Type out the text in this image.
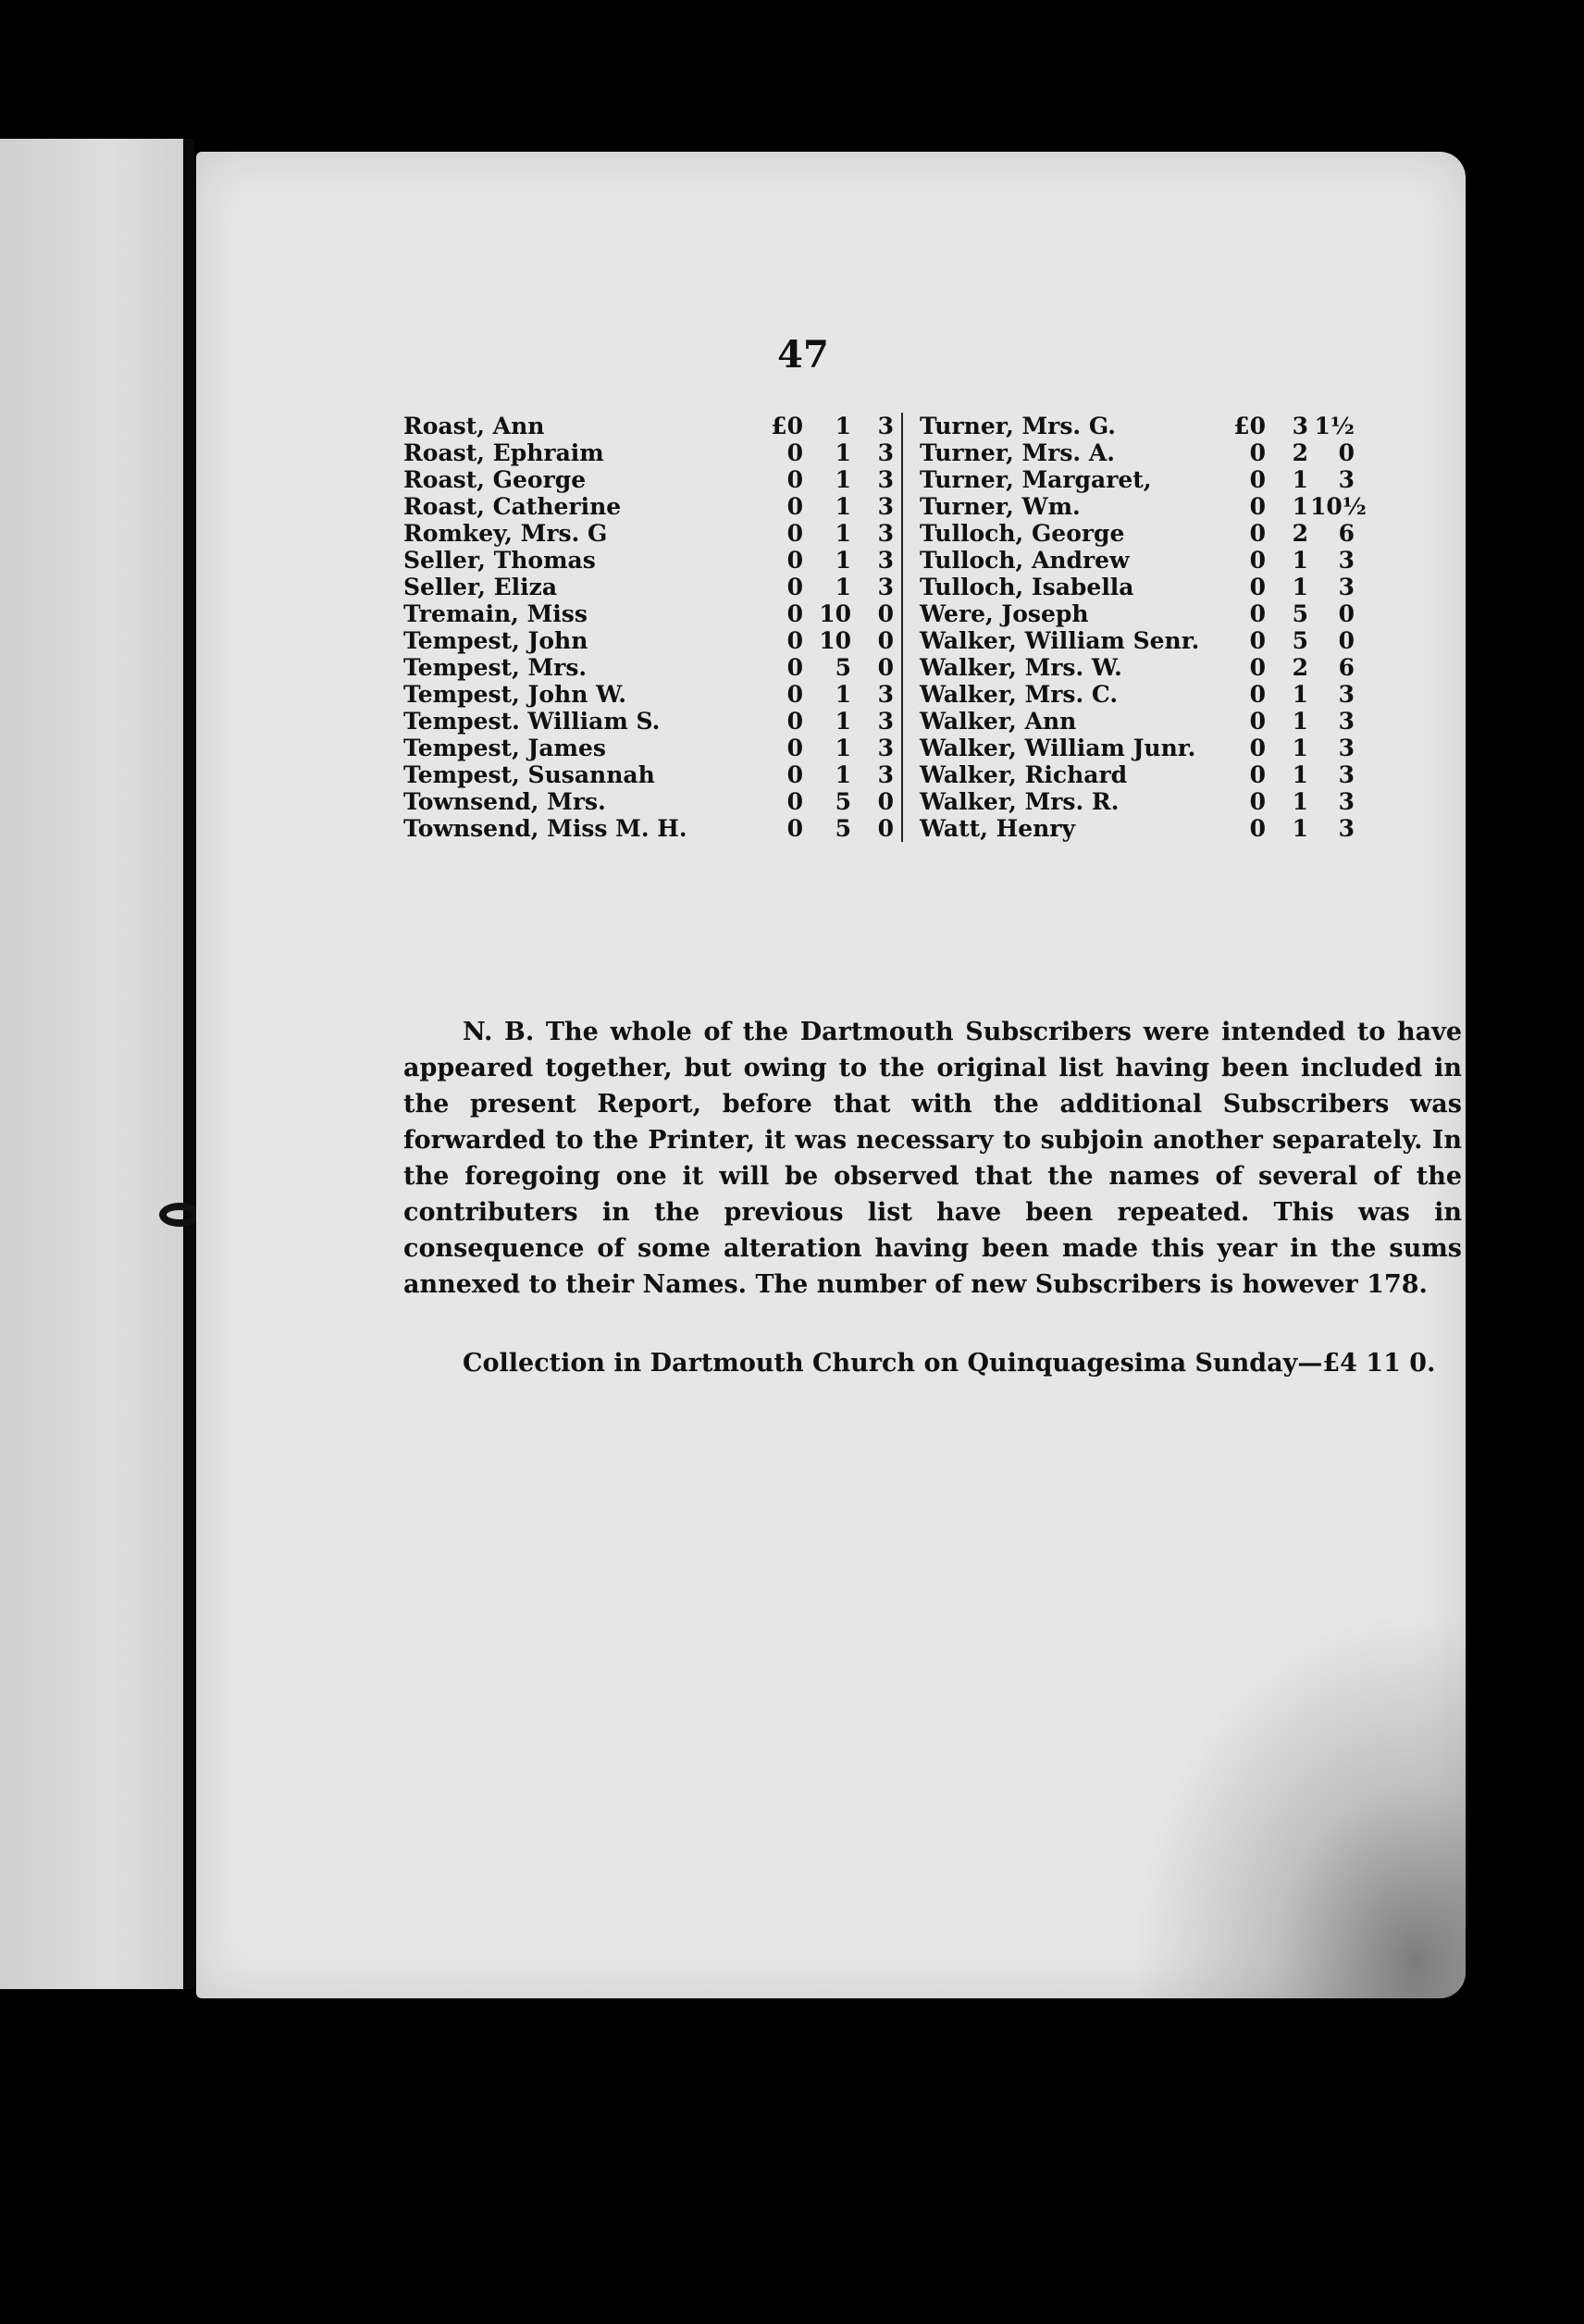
47
Roast, Ann	£0	1	3 Turner, Mrs. G.	£0	3 1½
Roast, Ephraim	0	1	3 Turner, Mrs. A.	0	2	0
Roast, George	0	1	3 Turner, Margaret,	0	1	3
Roast, Catherine	0	1	3 Turner, Wm.	0	1 10½
Romkey, Mrs. G	0	1	3 Tulloch, George	0	2	6
Seller, Thomas	0	1	3 Tulloch, Andrew	0	1	3
Seller, Eliza	0	1	3 Tulloch, Isabella	0	1	3
Tremain, Miss	0 10	0 Were, Joseph	0	5	0
Tempest, John	0 10	0 Walker, William Senr.	0	5	0
Tempest, Mrs.	0	5	0 Walker, Mrs. W.	0	2	6
Tempest, John W.	0	1	3 Walker, Mrs. C.	0	1	3
Tempest. William S.	0	1	3 Walker, Ann	0	1	3
Tempest, James	0	1	3 Walker, William Junr.	0	1	3
Tempest, Susannah	0	1	3 Walker, Richard	0	1	3
Townsend, Mrs.	0	5	0 Walker, Mrs. R.	0	1	3
Townsend, Miss M. H.	0	5	0 Watt, Henry	0	1	3
N. B. The whole of the Dartmouth Subscribers were intended to have appeared together, but owing to the original list having been included in the present Report, before that with the additional Subscribers was forwarded to the Printer, it was necessary to subjoin another separately. In the foregoing one it will be observed that the names of several of the contributers in the previous list have been repeated. This was in consequence of some alteration having been made this year in the sums annexed to their Names. The number of new Subscribers is however 178.
Collection in Dartmouth Church on Quinquagesima Sunday—£4 11 0.
